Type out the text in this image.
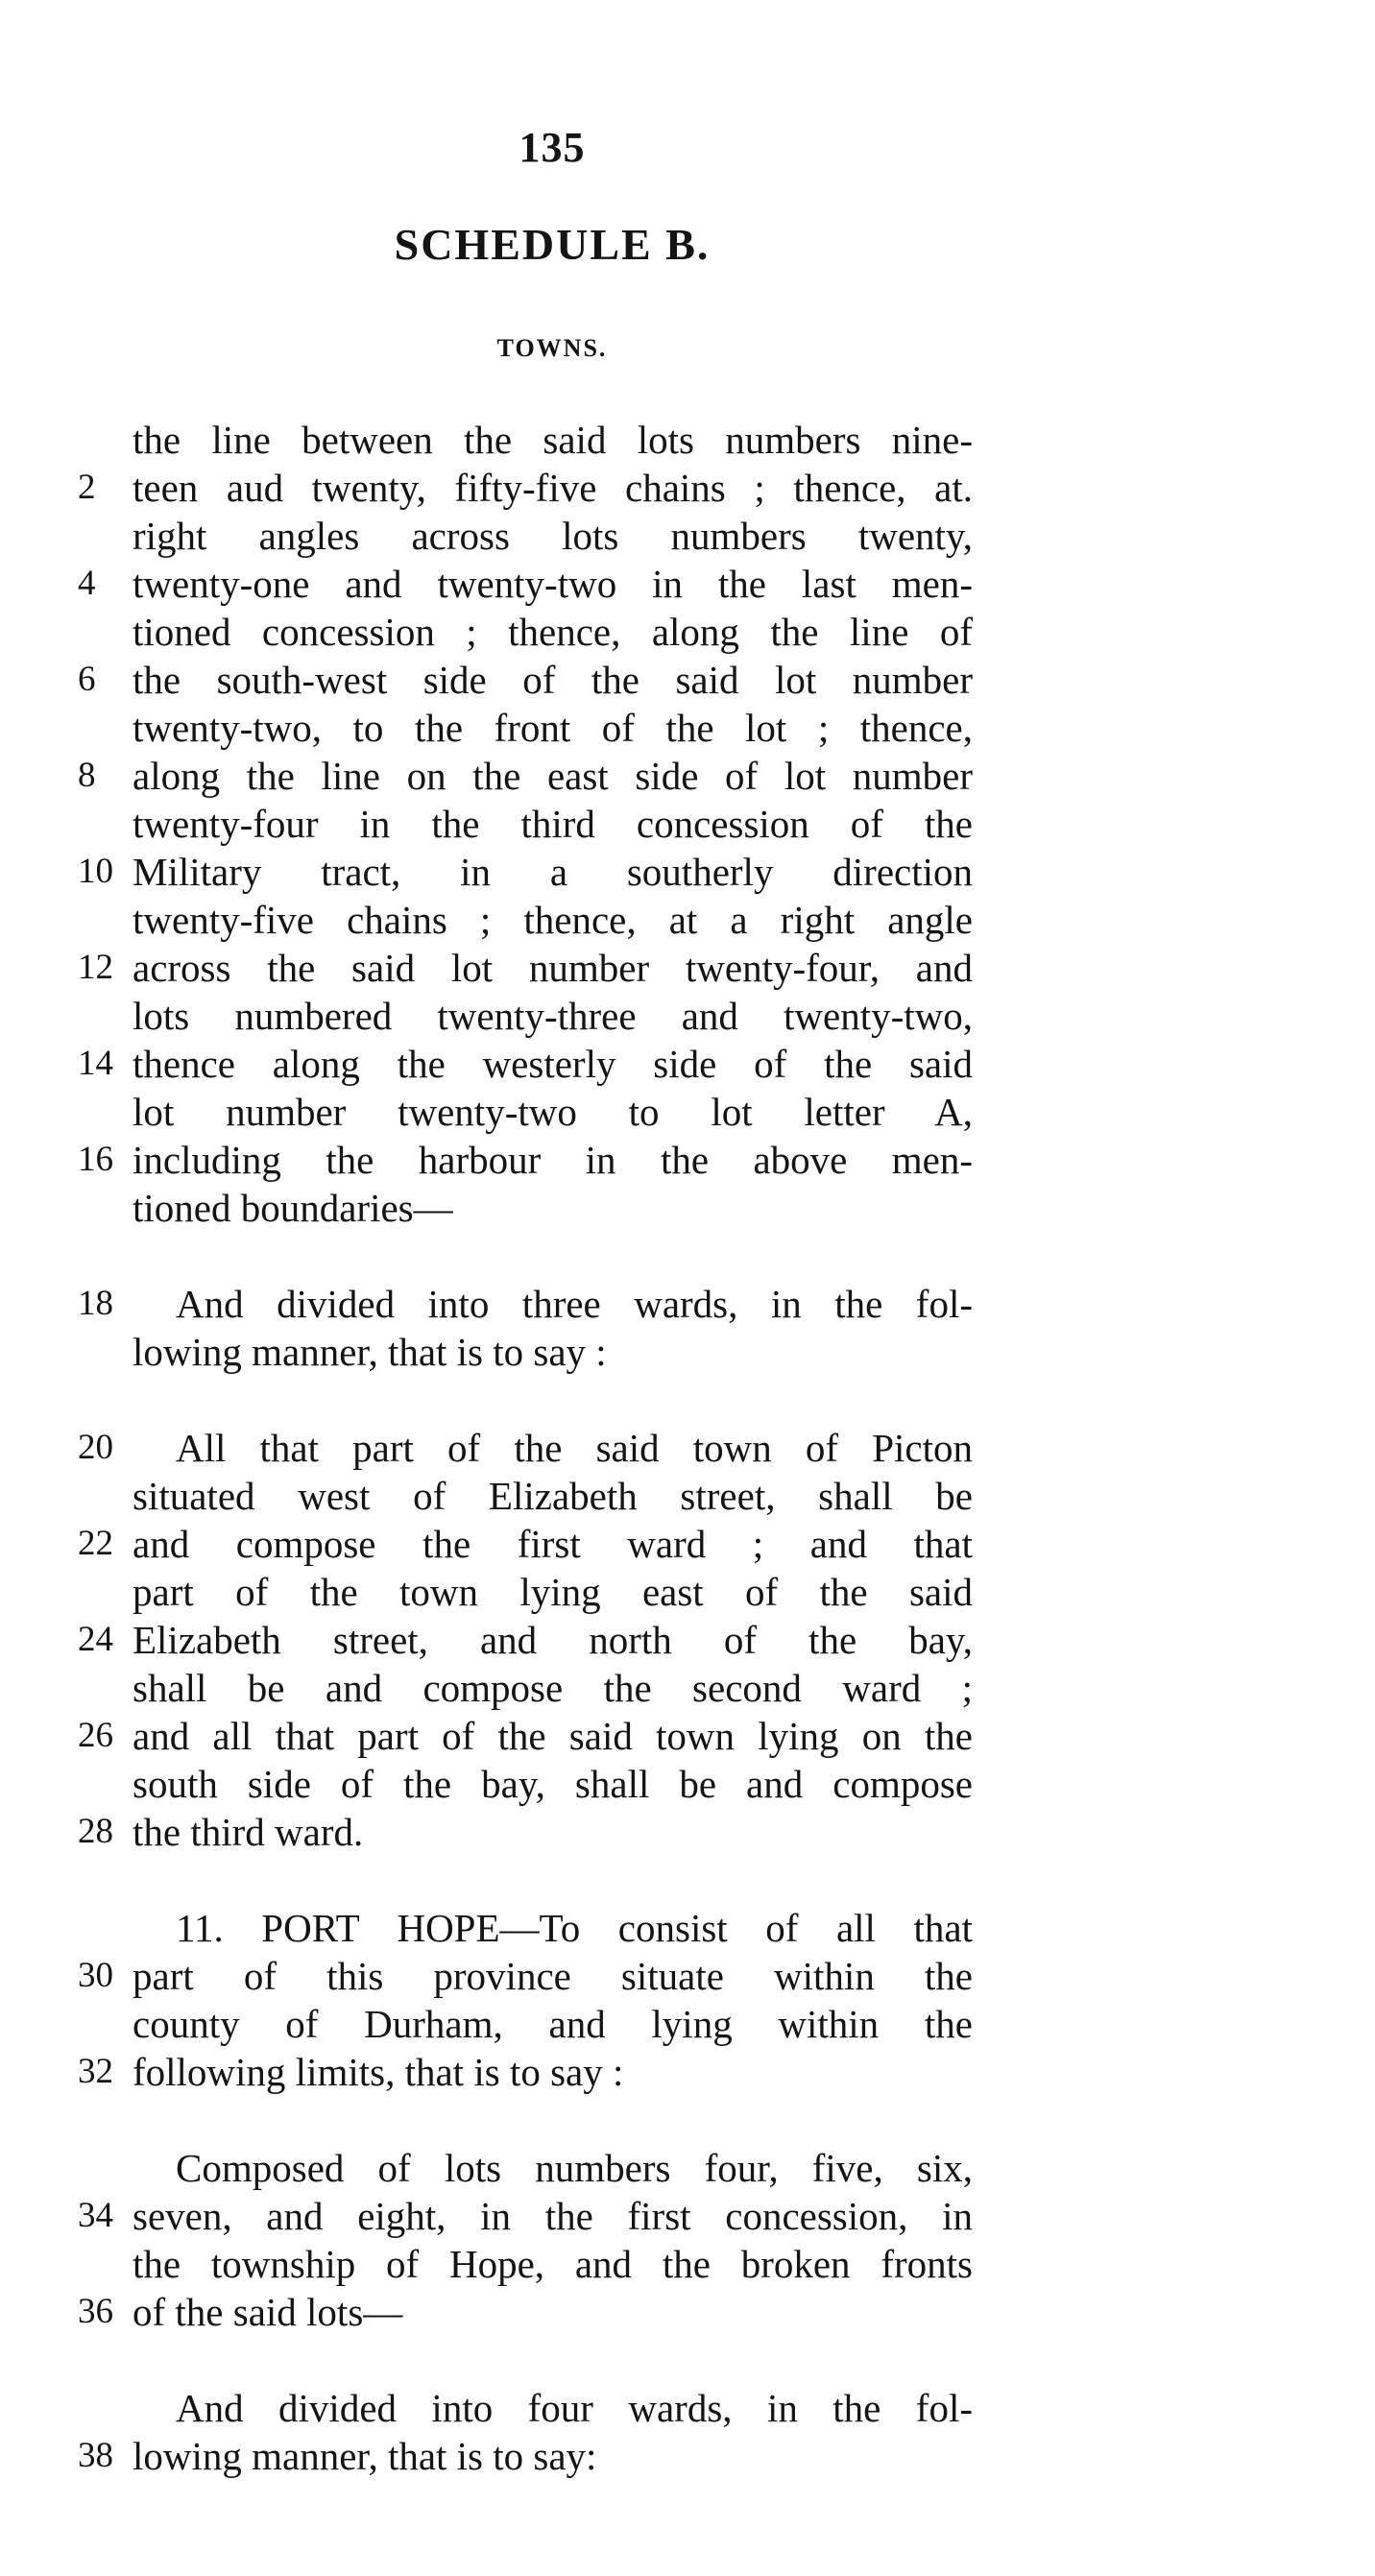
135
SCHEDULE B.
TOWNS.
the line between the said lots numbers nine-
2 teen aud twenty, fifty-five chains ; thence, at.
right angles across lots numbers twenty,
4 twenty-one and twenty-two in the last men-
tioned concession ; thence, along the line of
6 the south-west side of the said lot number
twenty-two, to the front of the lot ; thence,
8 along the line on the east side of lot number
twenty-four in the third concession of the
10 Military tract, in a southerly direction
twenty-five chains ; thence, at a right angle
12 across the said lot number twenty-four, and
lots numbered twenty-three and twenty-two,
14 thence along the westerly side of the said
lot number twenty-two to lot letter A,
16 including the harbour in the above men-
tioned boundaries—
18	And divided into three wards, in the fol-
lowing manner, that is to say :
20	All that part of the said town of Picton
situated west of Elizabeth street, shall be
22 and compose the first ward ; and that
part of the town lying east of the said
24 Elizabeth street, and north of the bay,
shall be and compose the second ward ;
26 and all that part of the said town lying on the
south side of the bay, shall be and compose
28 the third ward.
11. PORT HOPE—To consist of all that
30 part of this province situate within the
county of Durham, and lying within the
32 following limits, that is to say :
Composed of lots numbers four, five, six,
34 seven, and eight, in the first concession, in
the township of Hope, and the broken fronts
36 of the said lots—
And divided into four wards, in the fol-
38 lowing manner, that is to say:
